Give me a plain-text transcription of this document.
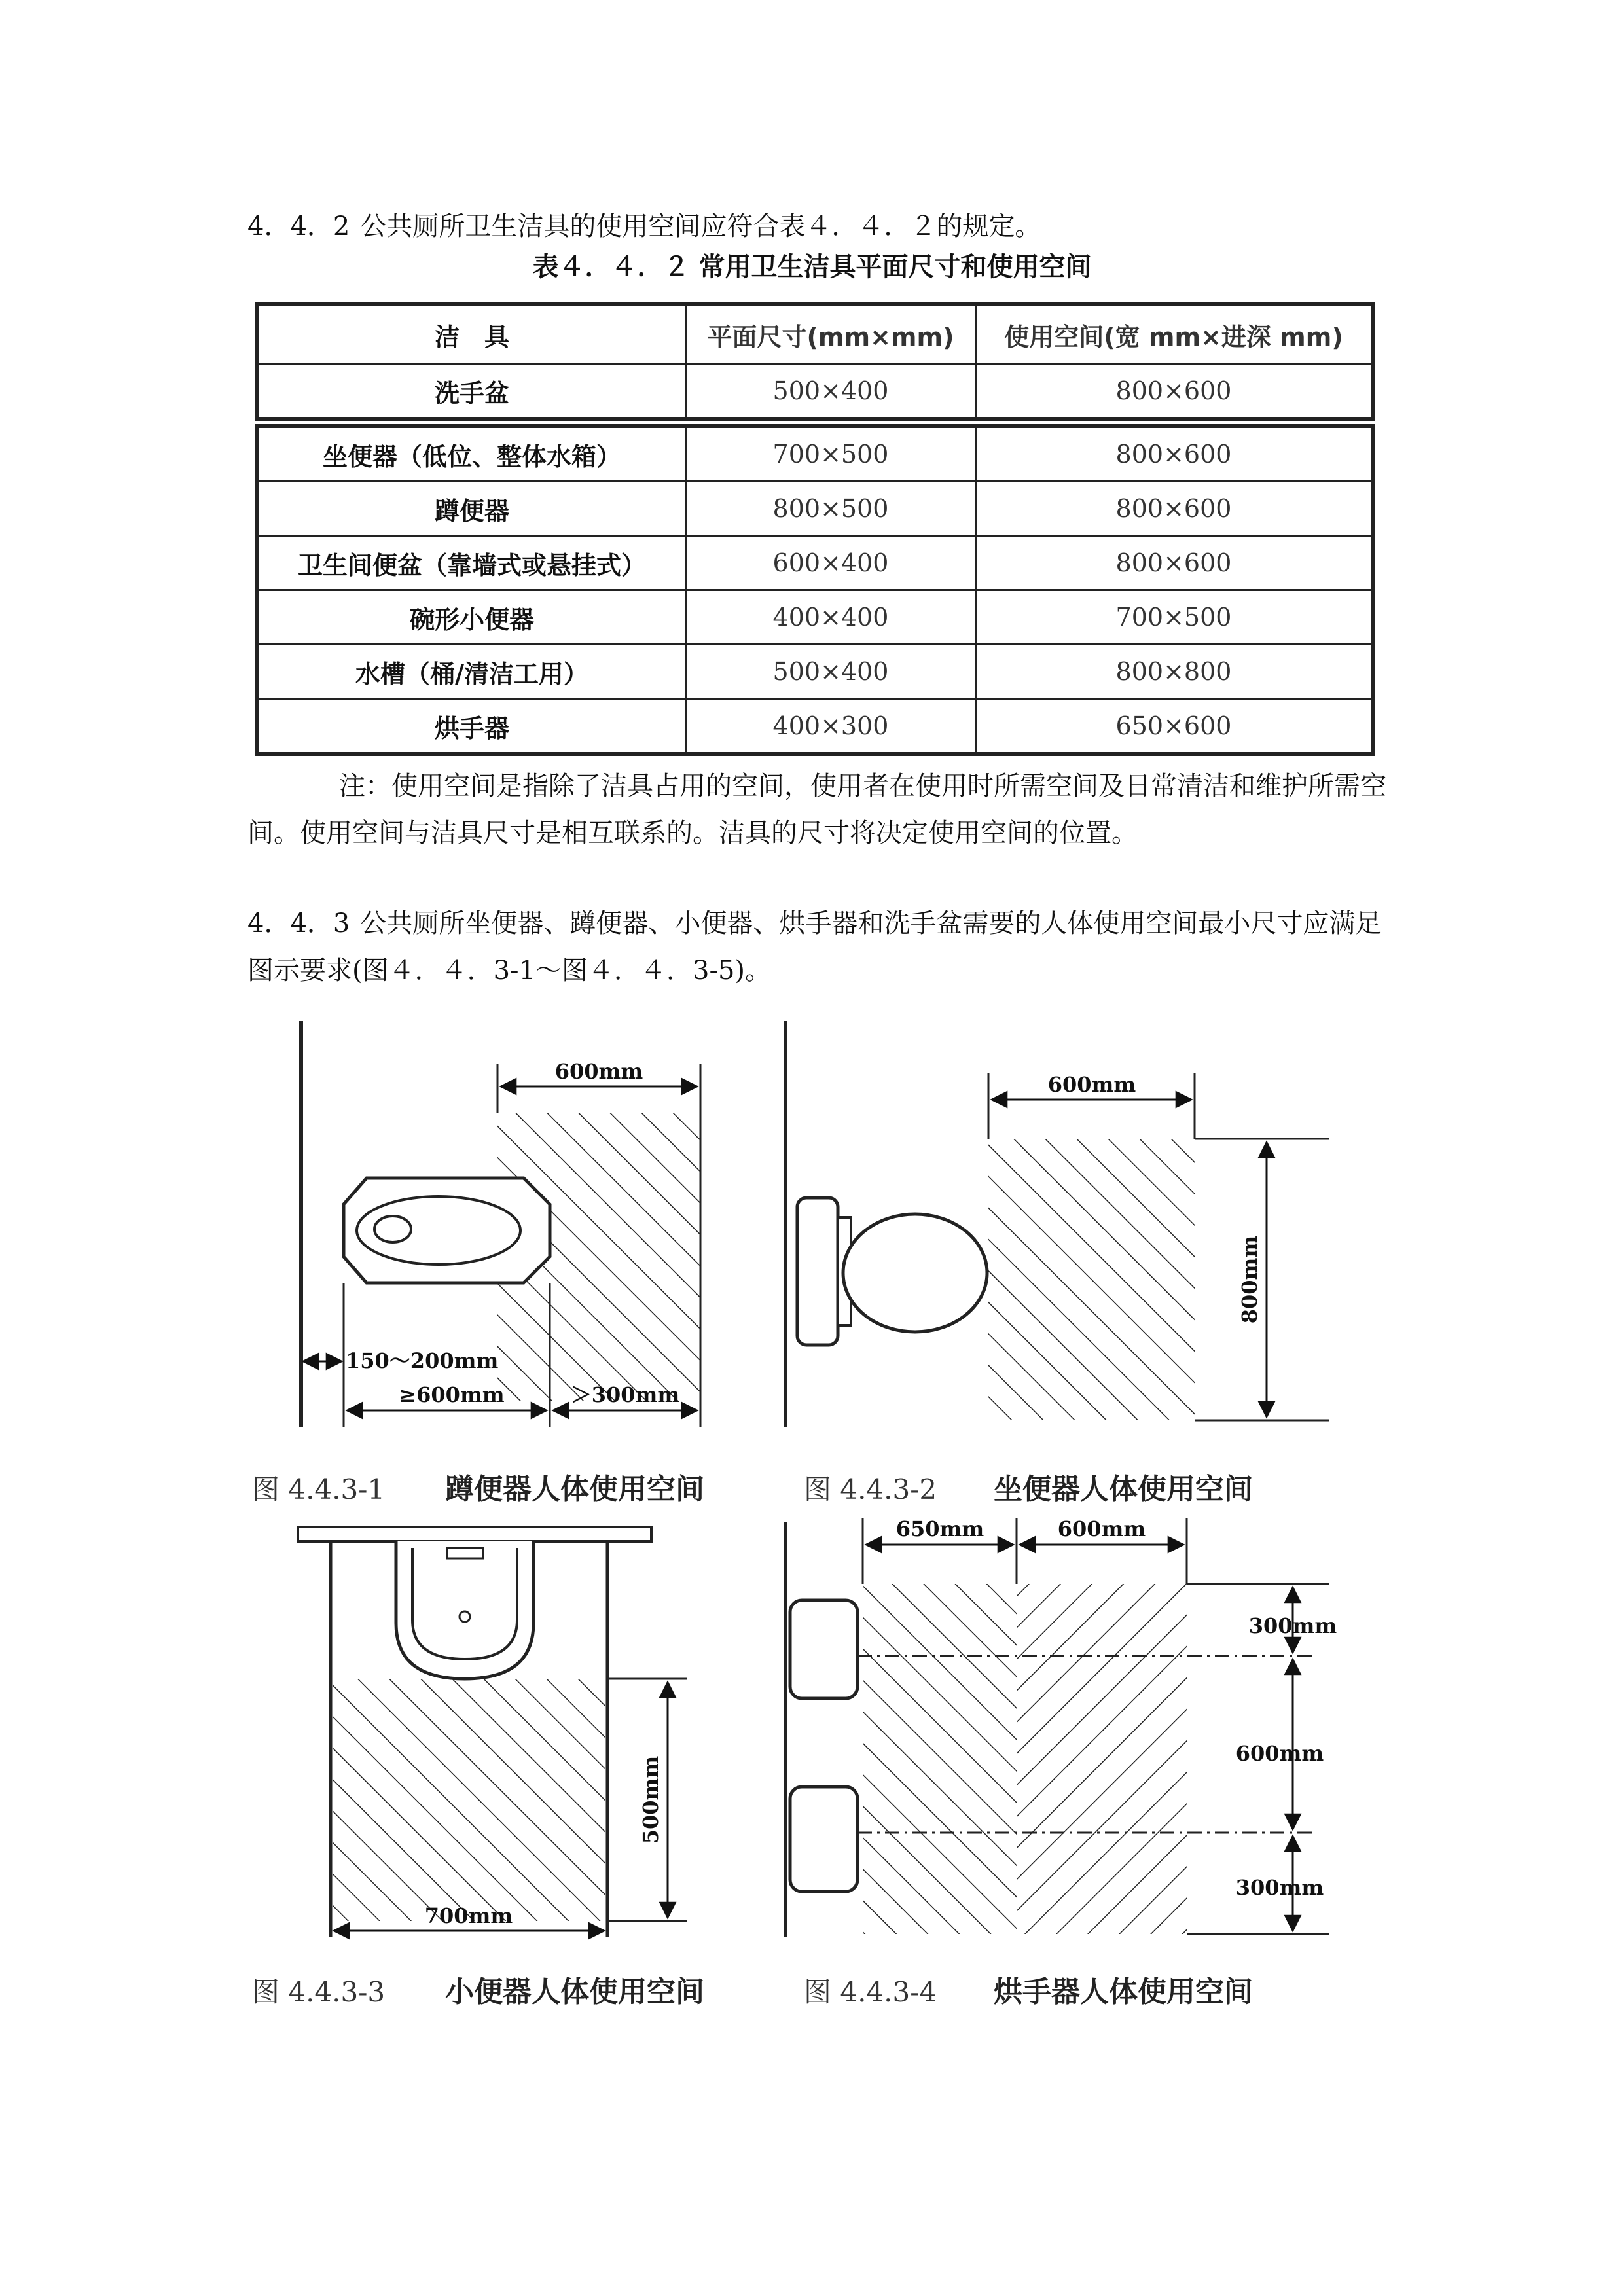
4．4．2 公共厕所卫生洁具的使用空间应符合表４．４．２的规定。

表４．４．２ 常用卫生洁具平面尺寸和使用空间
洁　具	平面尺寸(mm×mm)	使用空间(宽 mm×进深 mm)
洗手盆	500×400	800×600
坐便器（低位、整体水箱）	700×500	800×600
蹲便器	800×500	800×600
卫生间便盆（靠墙式或悬挂式）	600×400	800×600
碗形小便器	400×400	700×500
水槽（桶/清洁工用）	500×400	800×800
烘手器	400×300	650×600

注：使用空间是指除了洁具占用的空间，使用者在使用时所需空间及日常清洁和维护所需空间。使用空间与洁具尺寸是相互联系的。洁具的尺寸将决定使用空间的位置。

4．4．3 公共厕所坐便器、蹲便器、小便器、烘手器和洗手盆需要的人体使用空间最小尺寸应满足图示要求(图４．４．3-1～图４．４．3-5)。

600mm
150～200mm
≥600mm	＞300mm
图 4.4.3-1 蹲便器人体使用空间
600mm
800mm
图 4.4.3-2 坐便器人体使用空间
500mm
700mm
图 4.4.3-3 小便器人体使用空间
650mm	600mm
300mm
600mm
300mm
图 4.4.3-4 烘手器人体使用空间
